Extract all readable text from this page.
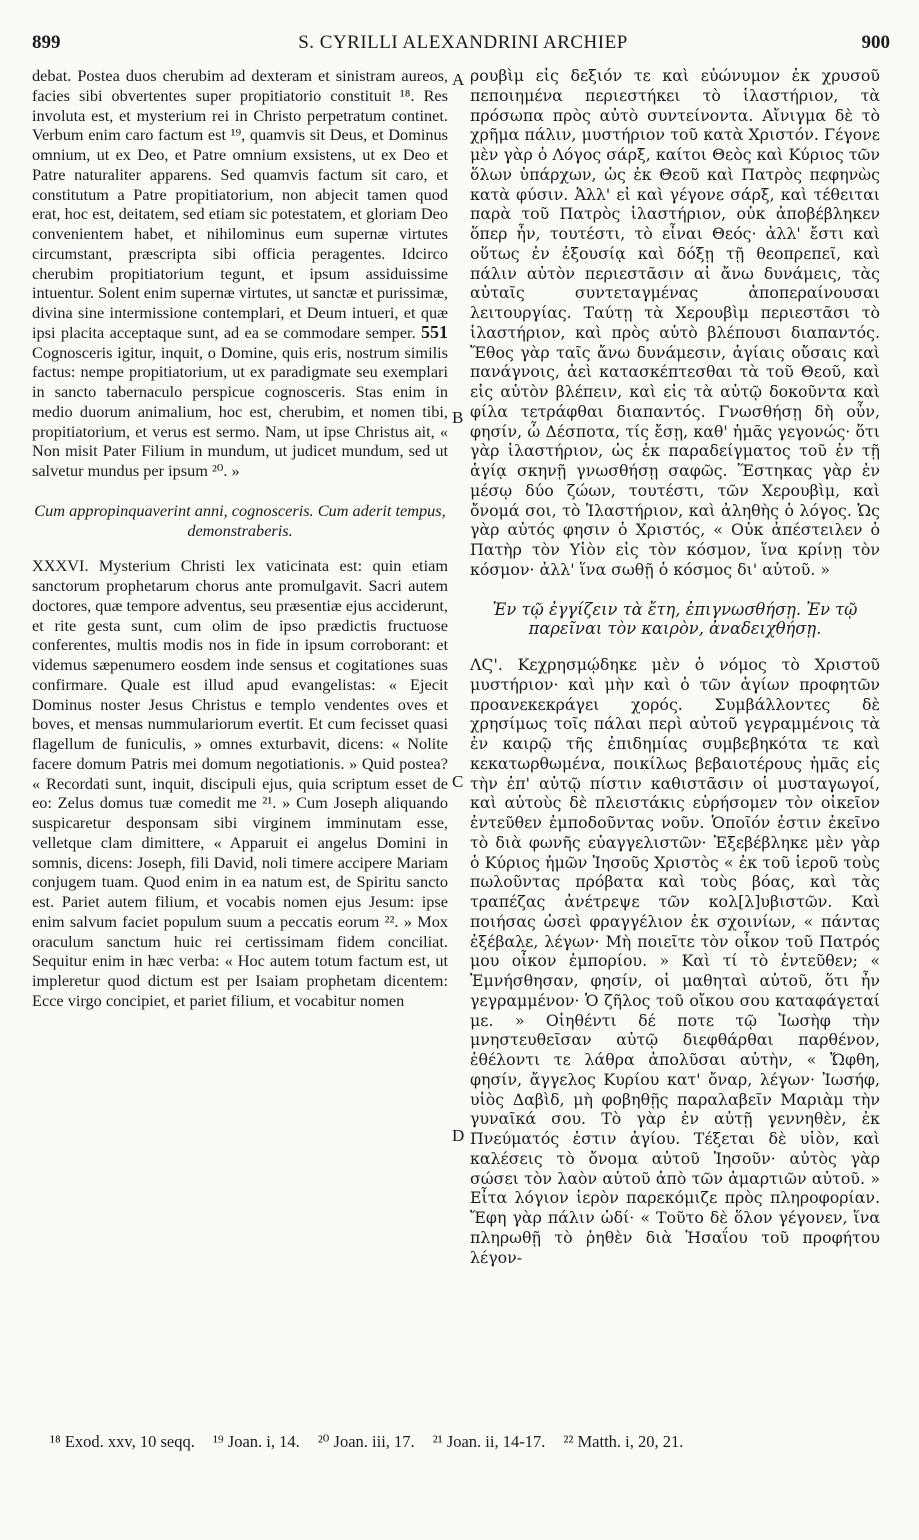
899	S. CYRILLI ALEXANDRINI ARCHIEP	900

debat. Postea duos cherubim ad dexteram et sinistram aureos, facies sibi obvertentes super propitiatorio constituit ¹⁸. Res involuta est, et mysterium rei in Christo perpetratum continet. Verbum enim caro factum est ¹⁹, quamvis sit Deus, et Dominus omnium, ut ex Deo, et Patre omnium exsistens, ut ex Deo et Patre naturaliter apparens. Sed quamvis factum sit caro, et constitutum a Patre propitiatorium, non abjecit tamen quod erat, hoc est, deitatem, sed etiam sic potestatem, et gloriam Deo convenientem habet, et nihilominus eum supernæ virtutes circumstant, præscripta sibi officia peragentes. Idcirco cherubim propitiatorium tegunt, et ipsum assiduissime intuentur. Solent enim supernæ virtutes, ut sanctæ et purissimæ, divina sine intermissione contemplari, et Deum intueri, et quæ ipsi placita acceptaque sunt, ad ea se commodare semper. 551 Cognosceris igitur, inquit, o Domine, quis eris, nostrum similis factus: nempe propitiatorium, ut ex paradigmate seu exemplari in sancto tabernaculo perspicue cognosceris. Stas enim in medio duorum animalium, hoc est, cherubim, et nomen tibi, propitiatorium, et verus est sermo. Nam, ut ipse Christus ait, « Non misit Pater Filium in mundum, ut judicet mundum, sed ut salvetur mundus per ipsum ²⁰. »

Cum appropinquaverint anni, cognosceris. Cum aderit tempus, demonstraberis.

XXXVI. Mysterium Christi lex vaticinata est: quin etiam sanctorum prophetarum chorus ante promulgavit. Sacri autem doctores, quæ tempore adventus, seu præsentiæ ejus acciderunt, et rite gesta sunt, cum olim de ipso prædictis fructuose conferentes, multis modis nos in fide in ipsum corroborant: et videmus sæpenumero eosdem inde sensus et cogitationes suas confirmare. Quale est illud apud evangelistas: « Ejecit Dominus noster Jesus Christus e templo vendentes oves et boves, et mensas nummulariorum evertit. Et cum fecisset quasi flagellum de funiculis, » omnes exturbavit, dicens: « Nolite facere domum Patris mei domum negotiationis. » Quid postea? « Recordati sunt, inquit, discipuli ejus, quia scriptum esset de eo: Zelus domus tuæ comedit me ²¹. » Cum Joseph aliquando suspicaretur desponsam sibi virginem imminutam esse, velletque clam dimittere, « Apparuit ei angelus Domini in somnis, dicens: Joseph, fili David, noli timere accipere Mariam conjugem tuam. Quod enim in ea natum est, de Spiritu sancto est. Pariet autem filium, et vocabis nomen ejus Jesum: ipse enim salvum faciet populum suum a peccatis eorum ²². » Mox oraculum sanctum huic rei certissimam fidem conciliat. Sequitur enim in hæc verba: « Hoc autem totum factum est, ut impleretur quod dictum est per Isaiam prophetam dicentem: Ecce virgo concipiet, et pariet filium, et vocabitur nomen

ρουβὶμ εἰς δεξιόν τε καὶ εὐώνυμον ἐκ χρυσοῦ πεποιημένα περιεστήκει τὸ ἱλαστήριον, τὰ πρόσωπα πρὸς αὐτὸ συντείνοντα. Αἴνιγμα δὲ τὸ χρῆμα πάλιν, μυστήριον τοῦ κατὰ Χριστόν. Γέγονε μὲν γὰρ ὁ Λόγος σάρξ, καίτοι Θεὸς καὶ Κύριος τῶν ὅλων ὑπάρχων, ὡς ἐκ Θεοῦ καὶ Πατρὸς πεφηνὼς κατὰ φύσιν. Ἀλλ' εἰ καὶ γέγονε σάρξ, καὶ τέθειται παρὰ τοῦ Πατρὸς ἱλαστήριον, οὐκ ἀποβέβληκεν ὅπερ ἦν, τουτέστι, τὸ εἶναι Θεός· ἀλλ' ἔστι καὶ οὕτως ἐν ἐξουσίᾳ καὶ δόξῃ τῇ θεοπρεπεῖ, καὶ πάλιν αὐτὸν περιεστᾶσιν αἱ ἄνω δυνάμεις, τὰς αὐταῖς συντεταγμένας ἀποπεραίνουσαι λειτουργίας. Ταύτῃ τὰ Χερουβὶμ περιεστᾶσι τὸ ἱλαστήριον, καὶ πρὸς αὐτὸ βλέπουσι διαπαντός. Ἔθος γὰρ ταῖς ἄνω δυνάμεσιν, ἁγίαις οὔσαις καὶ πανάγνοις, ἀεὶ κατασκέπτεσθαι τὰ τοῦ Θεοῦ, καὶ εἰς αὐτὸν βλέπειν, καὶ εἰς τὰ αὐτῷ δοκοῦντα καὶ φίλα τετράφθαι διαπαντός. Γνωσθήσῃ δὴ οὖν, φησίν, ὦ Δέσποτα, τίς ἔσῃ, καθ' ἡμᾶς γεγονώς· ὅτι γὰρ ἱλαστήριον, ὡς ἐκ παραδείγματος τοῦ ἐν τῇ ἁγίᾳ σκηνῇ γνωσθήσῃ σαφῶς. Ἕστηκας γὰρ ἐν μέσῳ δύο ζώων, τουτέστι, τῶν Χερουβὶμ, καὶ ὄνομά σοι, τὸ Ἱλαστήριον, καὶ ἀληθὴς ὁ λόγος. Ὡς γὰρ αὐτός φησιν ὁ Χριστός, « Οὐκ ἀπέστειλεν ὁ Πατὴρ τὸν Υἱὸν εἰς τὸν κόσμον, ἵνα κρίνῃ τὸν κόσμον· ἀλλ' ἵνα σωθῇ ὁ κόσμος δι' αὐτοῦ. »

Ἐν τῷ ἐγγίζειν τὰ ἔτη, ἐπιγνωσθήσῃ. Ἐν τῷ παρεῖναι τὸν καιρὸν, ἀναδειχθήσῃ.

ΛϚ'. Κεχρησμῴδηκε μὲν ὁ νόμος τὸ Χριστοῦ μυστήριον· καὶ μὴν καὶ ὁ τῶν ἁγίων προφητῶν προανεκεκράγει χορός. Συμβάλλοντες δὲ χρησίμως τοῖς πάλαι περὶ αὐτοῦ γεγραμμένοις τὰ ἐν καιρῷ τῆς ἐπιδημίας συμβεβηκότα τε καὶ κεκατωρθωμένα, ποικίλως βεβαιοτέρους ἡμᾶς εἰς τὴν ἐπ' αὐτῷ πίστιν καθιστᾶσιν οἱ μυσταγωγοί, καὶ αὐτοὺς δὲ πλειστάκις εὑρήσομεν τὸν οἰκεῖον ἐντεῦθεν ἐμποδοῦντας νοῦν. Ὁποῖόν ἐστιν ἐκεῖνο τὸ διὰ φωνῆς εὐαγγελιστῶν· Ἐξεβέβληκε μὲν γὰρ ὁ Κύριος ἡμῶν Ἰησοῦς Χριστὸς « ἐκ τοῦ ἱεροῦ τοὺς πωλοῦντας πρόβατα καὶ τοὺς βόας, καὶ τὰς τραπέζας ἀνέτρεψε τῶν κολ[λ]υβιστῶν. Καὶ ποιήσας ὡσεὶ φραγγέλιον ἐκ σχοινίων, « πάντας ἐξέβαλε, λέγων· Μὴ ποιεῖτε τὸν οἶκον τοῦ Πατρός μου οἶκον ἐμπορίου. » Καὶ τί τὸ ἐντεῦθεν; « Ἐμνήσθησαν, φησίν, οἱ μαθηταὶ αὐτοῦ, ὅτι ἦν γεγραμμένον· Ὁ ζῆλος τοῦ οἴκου σου καταφάγεταί με. » Οἰηθέντι δέ ποτε τῷ Ἰωσὴφ τὴν μνηστευθεῖσαν αὐτῷ διεφθάρθαι παρθένον, ἐθέλοντι τε λάθρα ἀπολῦσαι αὐτὴν, « Ὤφθη, φησίν, ἄγγελος Κυρίου κατ' ὄναρ, λέγων· Ἰωσήφ, υἱὸς Δαβὶδ, μὴ φοβηθῇς παραλαβεῖν Μαριὰμ τὴν γυναῖκά σου. Τὸ γὰρ ἐν αὐτῇ γεννηθὲν, ἐκ Πνεύματός ἐστιν ἁγίου. Τέξεται δὲ υἱὸν, καὶ καλέσεις τὸ ὄνομα αὐτοῦ Ἰησοῦν· αὐτὸς γὰρ σώσει τὸν λαὸν αὐτοῦ ἀπὸ τῶν ἁμαρτιῶν αὐτοῦ. » Εἶτα λόγιον ἱερὸν παρεκόμιζε πρὸς πληροφορίαν. Ἔφη γὰρ πάλιν ὡδί· « Τοῦτο δὲ ὅλον γέγονεν, ἵνα πληρωθῇ τὸ ῥηθὲν διὰ Ἡσαΐου τοῦ προφήτου λέγον-

A
B
C
D
¹⁸ Exod. xxv, 10 seqq. ¹⁹ Joan. i, 14. ²⁰ Joan. iii, 17. ²¹ Joan. ii, 14-17. ²² Matth. i, 20, 21.
